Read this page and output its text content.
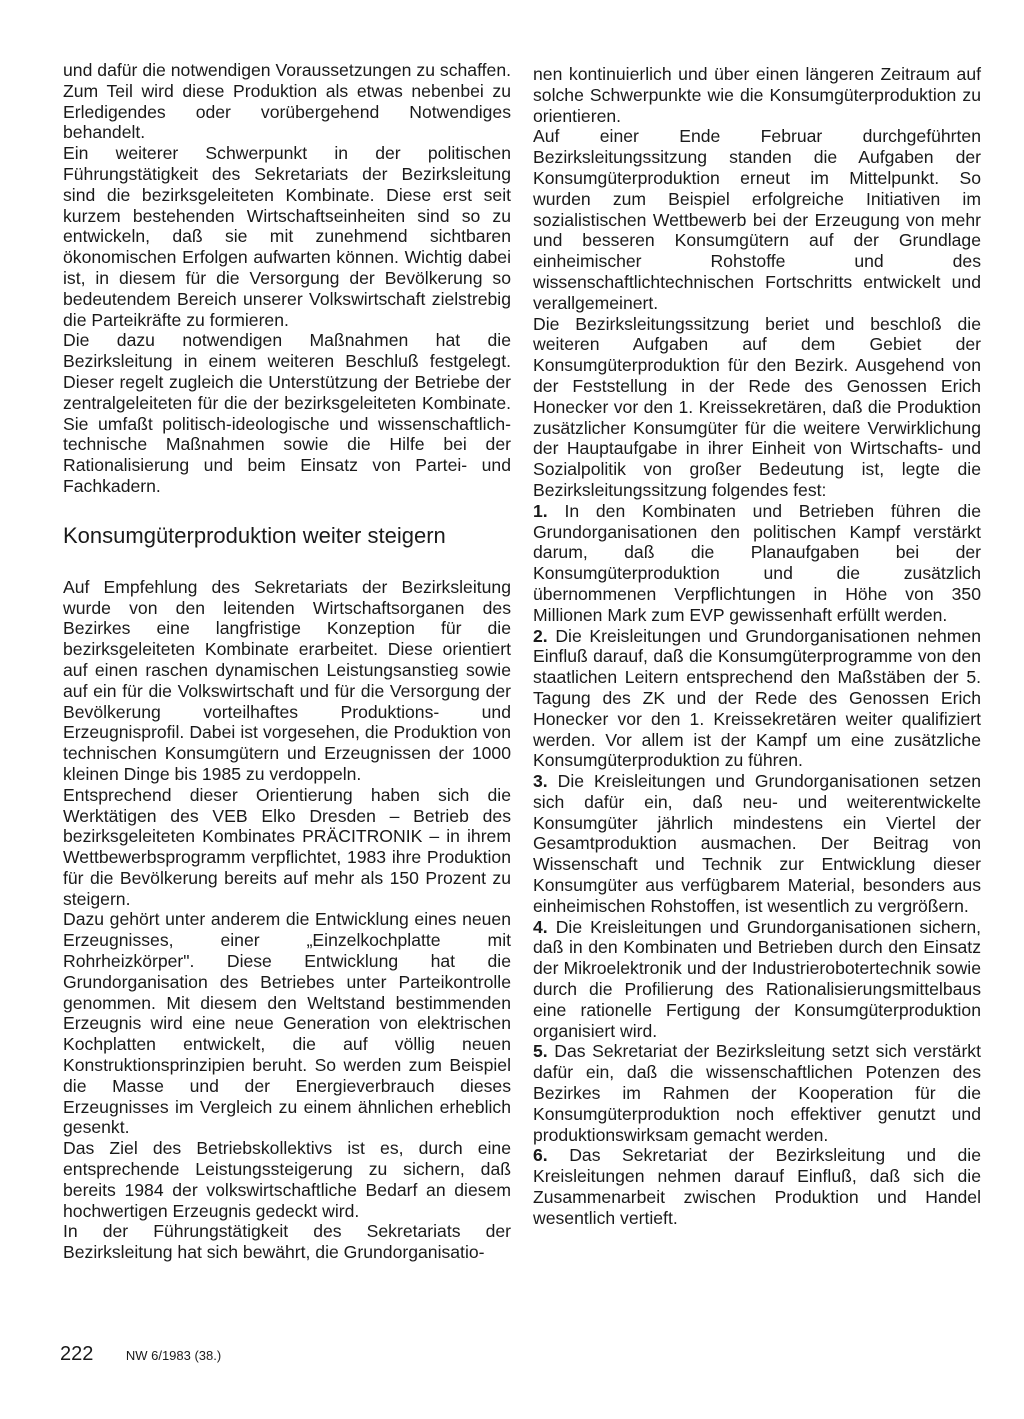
und dafür die notwendigen Voraussetzungen zu schaffen. Zum Teil wird diese Produktion als etwas nebenbei zu Erledigendes oder vorübergehend Notwendiges behandelt.

Ein weiterer Schwerpunkt in der politischen Führungstätigkeit des Sekretariats der Bezirksleitung sind die bezirksgeleiteten Kombinate. Diese erst seit kurzem bestehenden Wirtschaftseinheiten sind so zu entwickeln, daß sie mit zunehmend sichtbaren ökonomischen Erfolgen aufwarten können. Wichtig dabei ist, in diesem für die Versorgung der Bevölkerung so bedeutendem Bereich unserer Volkswirtschaft zielstrebig die Parteikräfte zu formieren.

Die dazu notwendigen Maßnahmen hat die Bezirksleitung in einem weiteren Beschluß festgelegt. Dieser regelt zugleich die Unterstützung der Betriebe der zentralgeleiteten für die der bezirksgeleiteten Kombinate. Sie umfaßt politisch-ideologische und wissenschaftlich-technische Maßnahmen sowie die Hilfe bei der Rationalisierung und beim Einsatz von Partei- und Fachkadern.

Konsumgüterproduktion weiter steigern

Auf Empfehlung des Sekretariats der Bezirksleitung wurde von den leitenden Wirtschaftsorganen des Bezirkes eine langfristige Konzeption für die bezirksgeleiteten Kombinate erarbeitet. Diese orientiert auf einen raschen dynamischen Leistungsanstieg sowie auf ein für die Volkswirtschaft und für die Versorgung der Bevölkerung vorteilhaftes Produktions- und Erzeugnisprofil. Dabei ist vorgesehen, die Produktion von technischen Konsumgütern und Erzeugnissen der 1000 kleinen Dinge bis 1985 zu verdoppeln.

Entsprechend dieser Orientierung haben sich die Werktätigen des VEB Elko Dresden – Betrieb des bezirksgeleiteten Kombinates PRÄCITRONIK – in ihrem Wettbewerbsprogramm verpflichtet, 1983 ihre Produktion für die Bevölkerung bereits auf mehr als 150 Prozent zu steigern.

Dazu gehört unter anderem die Entwicklung eines neuen Erzeugnisses, einer „Einzelkochplatte mit Rohrheizkörper". Diese Entwicklung hat die Grundorganisation des Betriebes unter Parteikontrolle genommen. Mit diesem den Weltstand bestimmenden Erzeugnis wird eine neue Generation von elektrischen Kochplatten entwickelt, die auf völlig neuen Konstruktionsprinzipien beruht. So werden zum Beispiel die Masse und der Energieverbrauch dieses Erzeugnisses im Vergleich zu einem ähnlichen erheblich gesenkt.

Das Ziel des Betriebskollektivs ist es, durch eine entsprechende Leistungssteigerung zu sichern, daß bereits 1984 der volkswirtschaftliche Bedarf an diesem hochwertigen Erzeugnis gedeckt wird.

In der Führungstätigkeit des Sekretariats der Bezirksleitung hat sich bewährt, die Grundorganisatio-

nen kontinuierlich und über einen längeren Zeitraum auf solche Schwerpunkte wie die Konsumgüterproduktion zu orientieren.

Auf einer Ende Februar durchgeführten Bezirksleitungssitzung standen die Aufgaben der Konsumgüterproduktion erneut im Mittelpunkt. So wurden zum Beispiel erfolgreiche Initiativen im sozialistischen Wettbewerb bei der Erzeugung von mehr und besseren Konsumgütern auf der Grundlage einheimischer Rohstoffe und des wissenschaftlichtechnischen Fortschritts entwickelt und verallgemeinert.

Die Bezirksleitungssitzung beriet und beschloß die weiteren Aufgaben auf dem Gebiet der Konsumgüterproduktion für den Bezirk. Ausgehend von der Feststellung in der Rede des Genossen Erich Honecker vor den 1. Kreissekretären, daß die Produktion zusätzlicher Konsumgüter für die weitere Verwirklichung der Hauptaufgabe in ihrer Einheit von Wirtschafts- und Sozialpolitik von großer Bedeutung ist, legte die Bezirksleitungssitzung folgendes fest:

1. In den Kombinaten und Betrieben führen die Grundorganisationen den politischen Kampf verstärkt darum, daß die Planaufgaben bei der Konsumgüterproduktion und die zusätzlich übernommenen Verpflichtungen in Höhe von 350 Millionen Mark zum EVP gewissenhaft erfüllt werden.

2. Die Kreisleitungen und Grundorganisationen nehmen Einfluß darauf, daß die Konsumgüterprogramme von den staatlichen Leitern entsprechend den Maßstäben der 5. Tagung des ZK und der Rede des Genossen Erich Honecker vor den 1. Kreissekretären weiter qualifiziert werden. Vor allem ist der Kampf um eine zusätzliche Konsumgüterproduktion zu führen.

3. Die Kreisleitungen und Grundorganisationen setzen sich dafür ein, daß neu- und weiterentwickelte Konsumgüter jährlich mindestens ein Viertel der Gesamtproduktion ausmachen. Der Beitrag von Wissenschaft und Technik zur Entwicklung dieser Konsumgüter aus verfügbarem Material, besonders aus einheimischen Rohstoffen, ist wesentlich zu vergrößern.

4. Die Kreisleitungen und Grundorganisationen sichern, daß in den Kombinaten und Betrieben durch den Einsatz der Mikroelektronik und der Industrierobotertechnik sowie durch die Profilierung des Rationalisierungsmittelbaus eine rationelle Fertigung der Konsumgüterproduktion organisiert wird.

5. Das Sekretariat der Bezirksleitung setzt sich verstärkt dafür ein, daß die wissenschaftlichen Potenzen des Bezirkes im Rahmen der Kooperation für die Konsumgüterproduktion noch effektiver genutzt und produktionswirksam gemacht werden.

6. Das Sekretariat der Bezirksleitung und die Kreisleitungen nehmen darauf Einfluß, daß sich die Zusammenarbeit zwischen Produktion und Handel wesentlich vertieft.

222 NW 6/1983 (38.)
